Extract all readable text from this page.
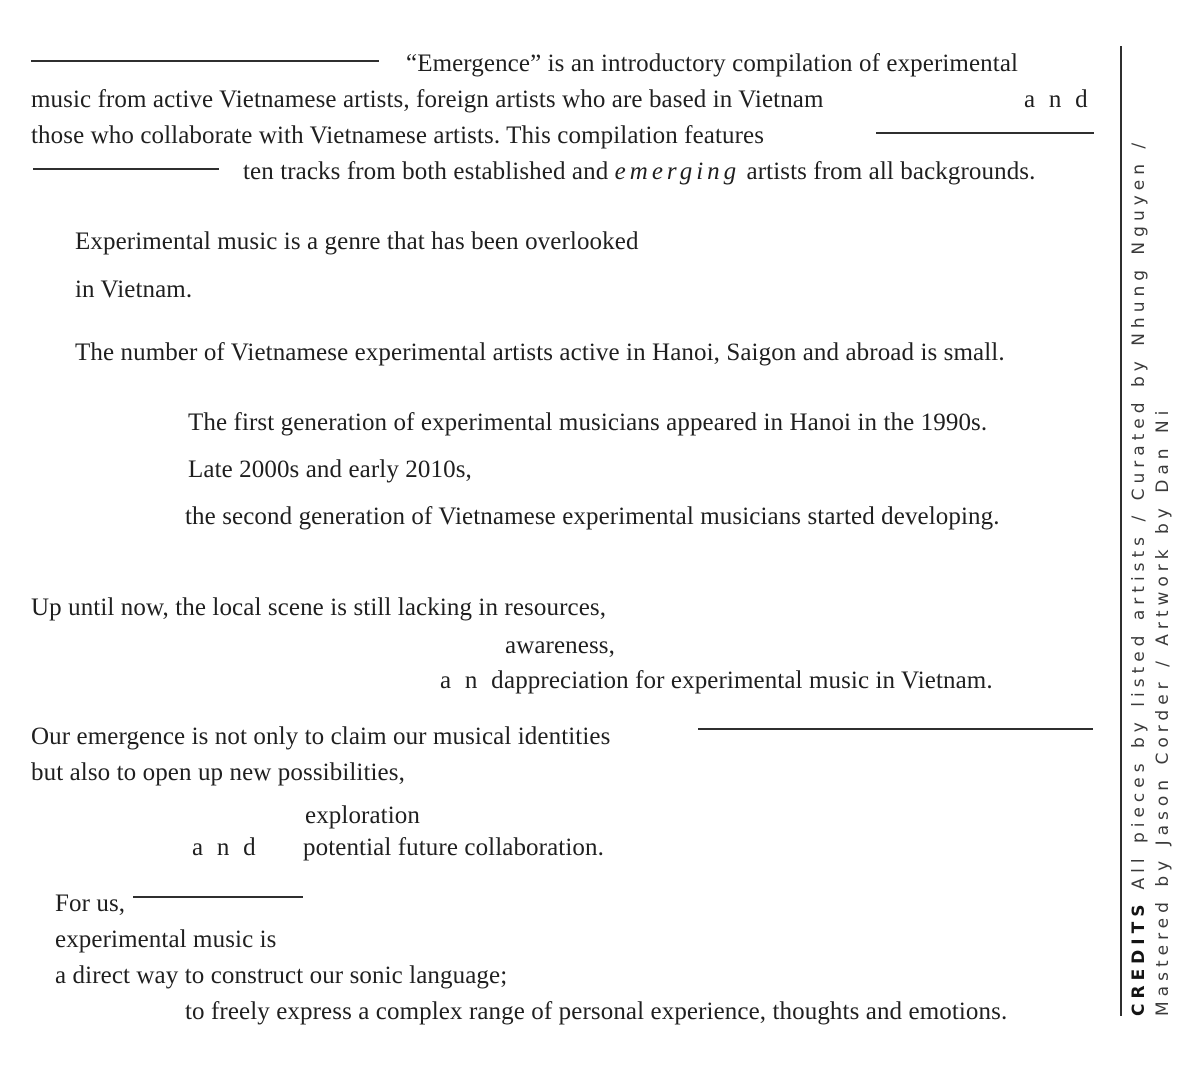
“Emergence” is an introductory compilation of experimental
music from active Vietnamese artists, foreign artists who are based in Vietnam	and
those who collaborate with Vietnamese artists. This compilation features
ten tracks from both established and emerging artists from all backgrounds.
Experimental music is a genre that has been overlooked
in Vietnam.
The number of Vietnamese experimental artists active in Hanoi, Saigon and abroad is small.
The first generation of experimental musicians appeared in Hanoi in the 1990s.
Late 2000s and early 2010s,
the second generation of Vietnamese experimental musicians started developing.
Up until now, the local scene is still lacking in resources,
awareness,
and
appreciation for experimental music in Vietnam.
Our emergence is not only to claim our musical identities
but also to open up new possibilities,
exploration
and potential future collaboration.
For us,
experimental music is
a direct way to construct our sonic language;
to freely express a complex range of personal experience, thoughts and emotions.	CREDITSAll pieces by listed artists / Curated by Nhung Nguyen / Mastered by Jason Corder / Artwork by Dan Ni
